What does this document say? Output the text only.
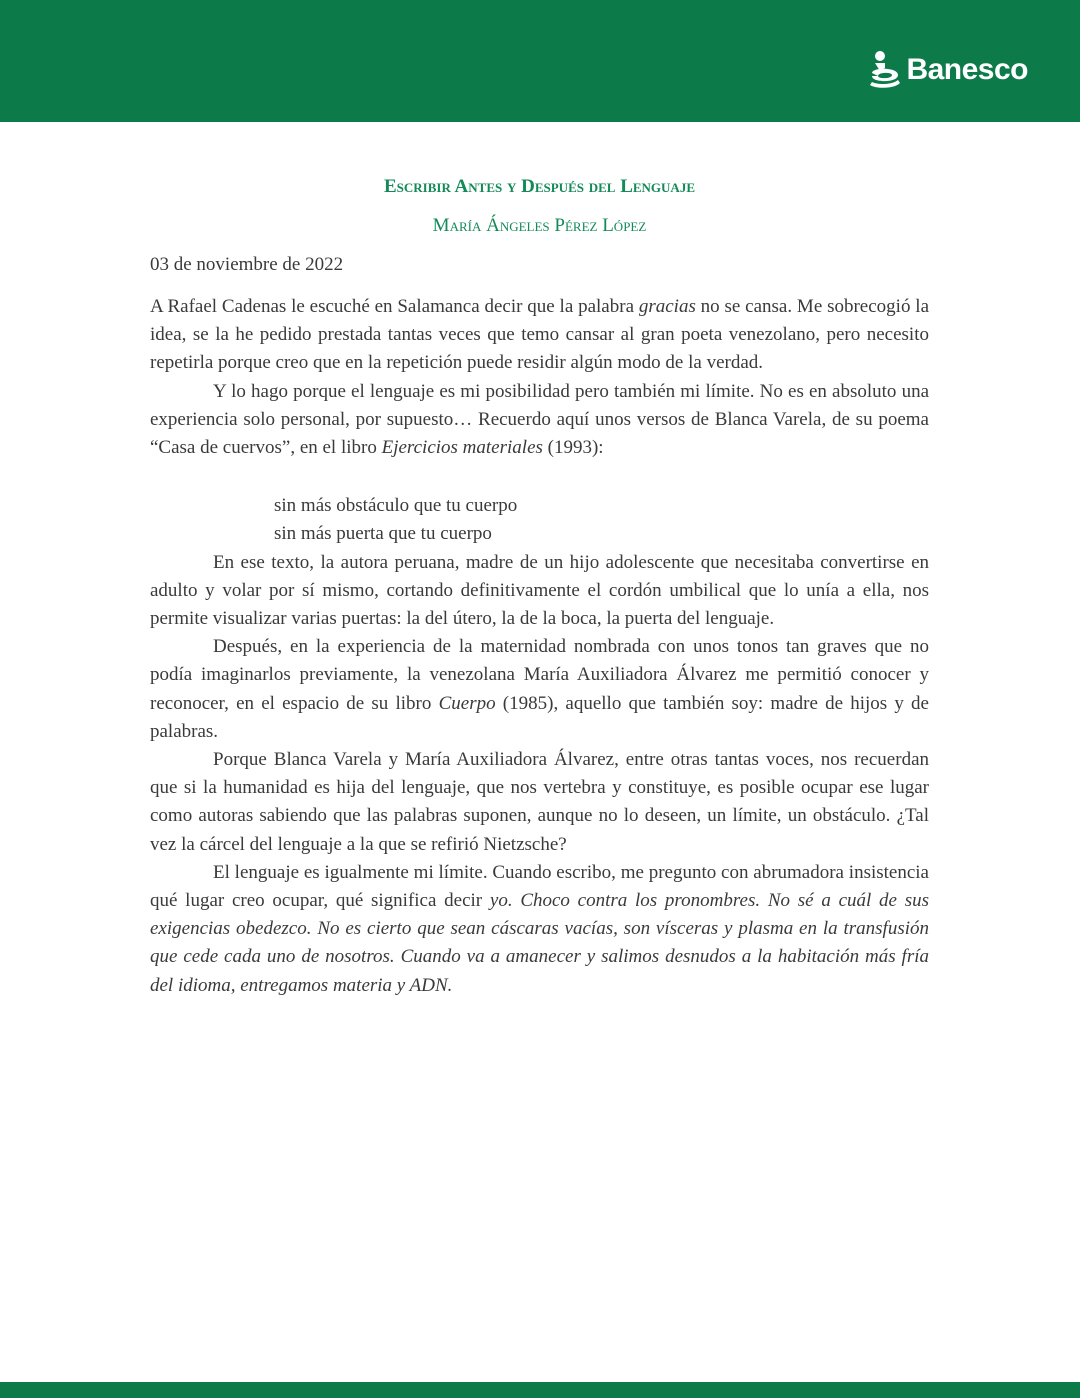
Banesco
Escribir Antes y Después del Lenguaje
María Ángeles Pérez López
03 de noviembre de 2022

A Rafael Cadenas le escuché en Salamanca decir que la palabra gracias no se cansa. Me sobrecogió la idea, se la he pedido prestada tantas veces que temo cansar al gran poeta venezolano, pero necesito repetirla porque creo que en la repetición puede residir algún modo de la verdad.

Y lo hago porque el lenguaje es mi posibilidad pero también mi límite. No es en absoluto una experiencia solo personal, por supuesto… Recuerdo aquí unos versos de Blanca Varela, de su poema “Casa de cuervos”, en el libro Ejercicios materiales (1993):

sin más obstáculo que tu cuerpo
sin más puerta que tu cuerpo

En ese texto, la autora peruana, madre de un hijo adolescente que necesitaba convertirse en adulto y volar por sí mismo, cortando definitivamente el cordón umbilical que lo unía a ella, nos permite visualizar varias puertas: la del útero, la de la boca, la puerta del lenguaje.

Después, en la experiencia de la maternidad nombrada con unos tonos tan graves que no podía imaginarlos previamente, la venezolana María Auxiliadora Álvarez me permitió conocer y reconocer, en el espacio de su libro Cuerpo (1985), aquello que también soy: madre de hijos y de palabras.

Porque Blanca Varela y María Auxiliadora Álvarez, entre otras tantas voces, nos recuerdan que si la humanidad es hija del lenguaje, que nos vertebra y constituye, es posible ocupar ese lugar como autoras sabiendo que las palabras suponen, aunque no lo deseen, un límite, un obstáculo. ¿Tal vez la cárcel del lenguaje a la que se refirió Nietzsche?

El lenguaje es igualmente mi límite. Cuando escribo, me pregunto con abrumadora insistencia qué lugar creo ocupar, qué significa decir yo. Choco contra los pronombres. No sé a cuál de sus exigencias obedezco. No es cierto que sean cáscaras vacías, son vísceras y plasma en la transfusión que cede cada uno de nosotros. Cuando va a amanecer y salimos desnudos a la habitación más fría del idioma, entregamos materia y ADN.
